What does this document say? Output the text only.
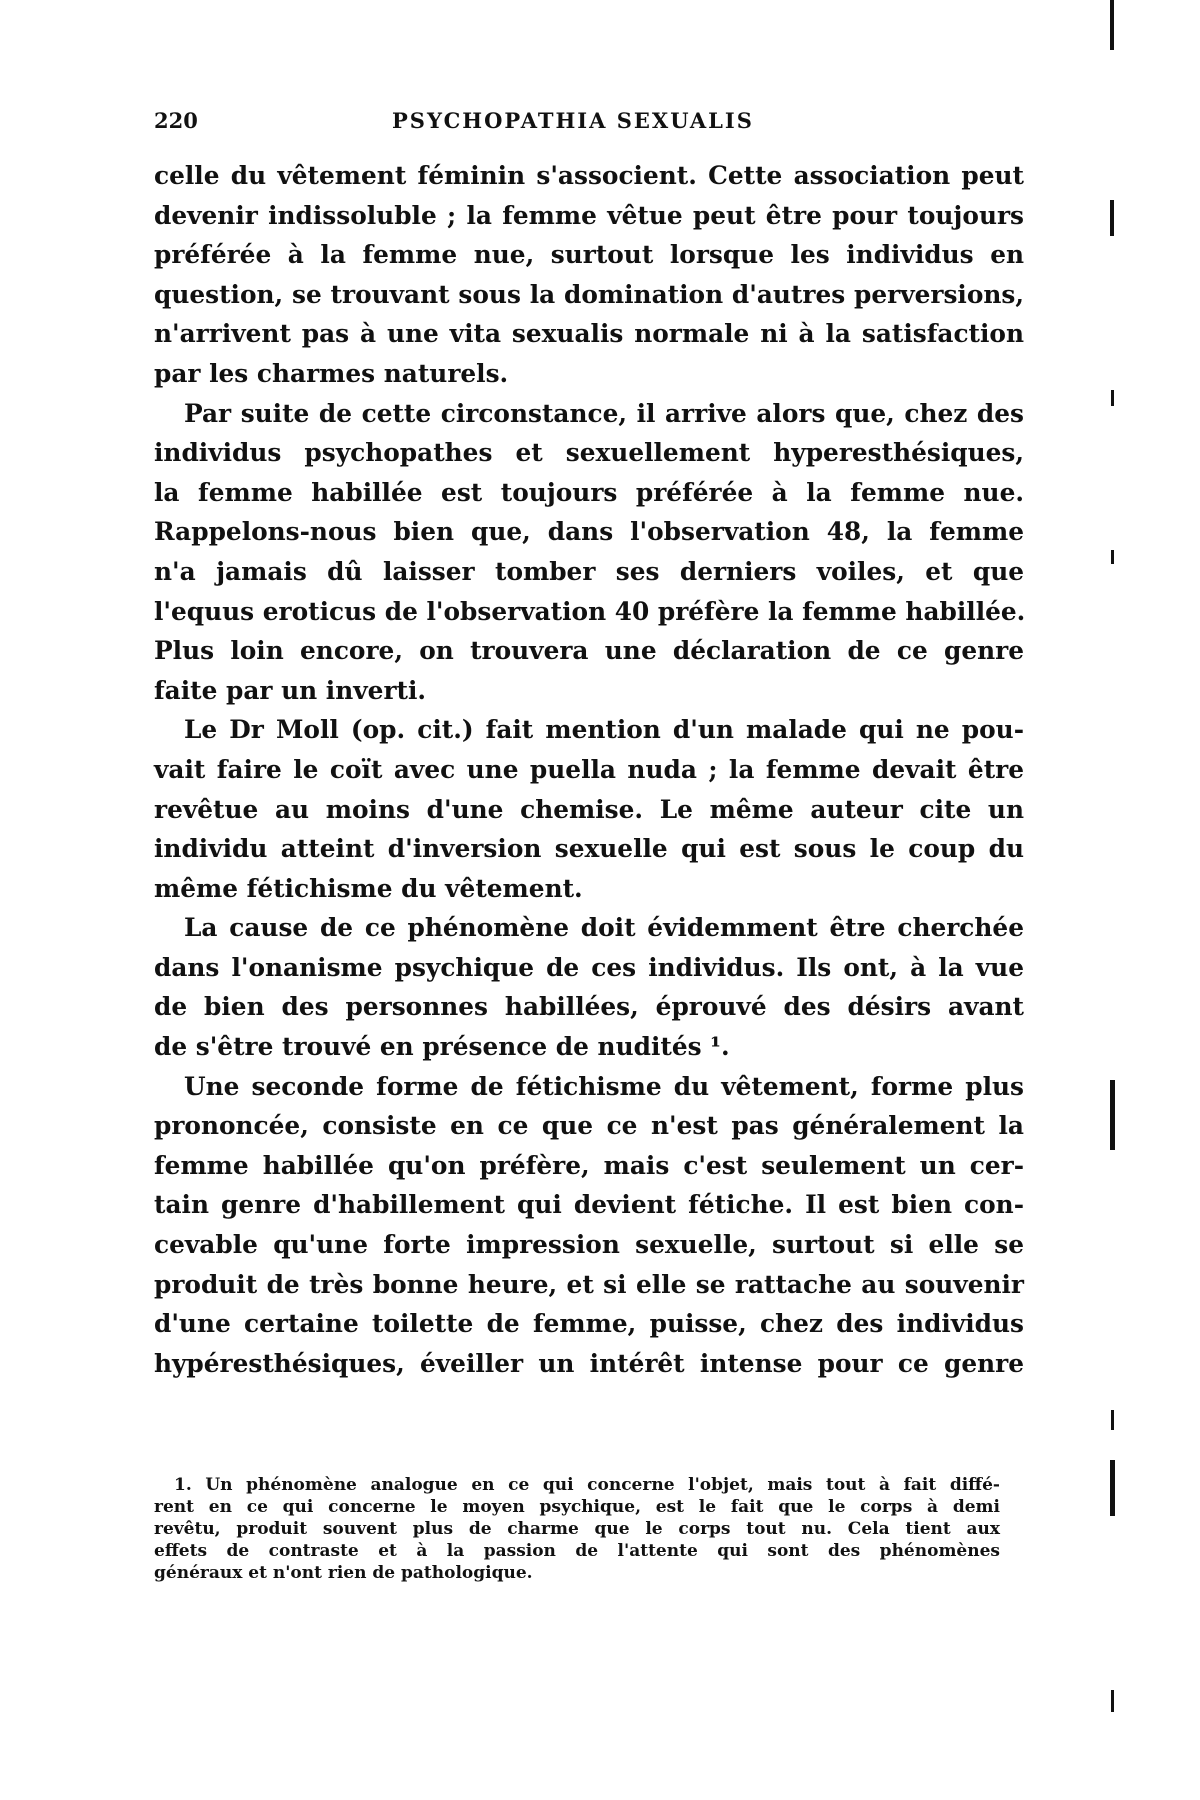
220	PSYCHOPATHIA SEXUALIS
celle du vêtement féminin s'associent. Cette association peut
devenir indissoluble ; la femme vêtue peut être pour toujours
préférée à la femme nue, surtout lorsque les individus en
question, se trouvant sous la domination d'autres perversions,
n'arrivent pas à une vita sexualis normale ni à la satisfaction
par les charmes naturels.
Par suite de cette circonstance, il arrive alors que, chez des
individus psychopathes et sexuellement hyperesthésiques,
la femme habillée est toujours préférée à la femme nue.
Rappelons-nous bien que, dans l'observation 48, la femme
n'a jamais dû laisser tomber ses derniers voiles, et que
l'equus eroticus de l'observation 40 préfère la femme habillée.
Plus loin encore, on trouvera une déclaration de ce genre
faite par un inverti.
Le Dr Moll (op. cit.) fait mention d'un malade qui ne pou-
vait faire le coït avec une puella nuda ; la femme devait être
revêtue au moins d'une chemise. Le même auteur cite un
individu atteint d'inversion sexuelle qui est sous le coup du
même fétichisme du vêtement.
La cause de ce phénomène doit évidemment être cherchée
dans l'onanisme psychique de ces individus. Ils ont, à la vue
de bien des personnes habillées, éprouvé des désirs avant
de s'être trouvé en présence de nudités ¹.
Une seconde forme de fétichisme du vêtement, forme plus
prononcée, consiste en ce que ce n'est pas généralement la
femme habillée qu'on préfère, mais c'est seulement un cer-
tain genre d'habillement qui devient fétiche. Il est bien con-
cevable qu'une forte impression sexuelle, surtout si elle se
produit de très bonne heure, et si elle se rattache au souvenir
d'une certaine toilette de femme, puisse, chez des individus
hypéresthésiques, éveiller un intérêt intense pour ce genre
1. Un phénomène analogue en ce qui concerne l'objet, mais tout à fait diffé-
rent en ce qui concerne le moyen psychique, est le fait que le corps à demi
revêtu, produit souvent plus de charme que le corps tout nu. Cela tient aux
effets de contraste et à la passion de l'attente qui sont des phénomènes
généraux et n'ont rien de pathologique.
